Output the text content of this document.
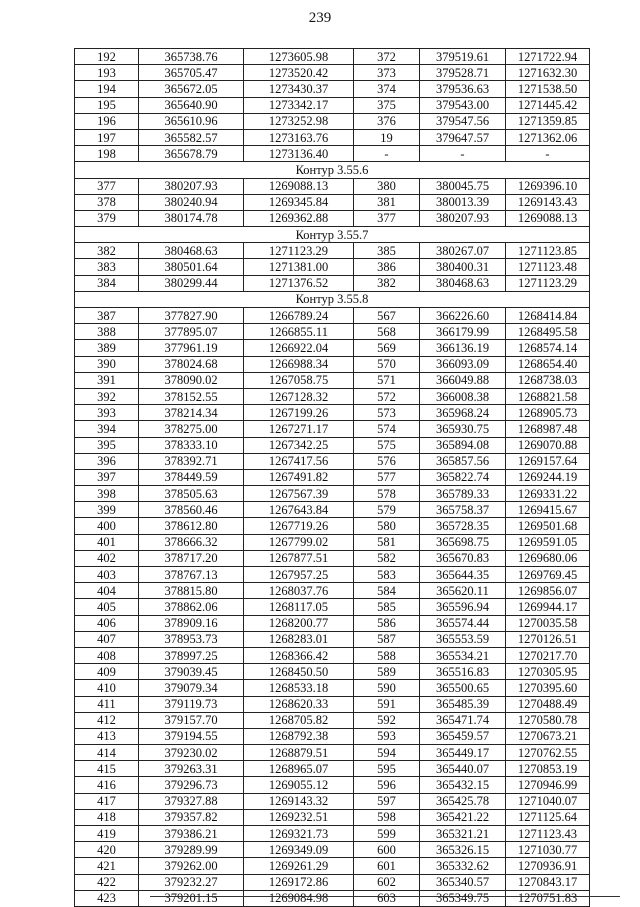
239
192	365738.76	1273605.98	372	379519.61	1271722.94
193	365705.47	1273520.42	373	379528.71	1271632.30
194	365672.05	1273430.37	374	379536.63	1271538.50
195	365640.90	1273342.17	375	379543.00	1271445.42
196	365610.96	1273252.98	376	379547.56	1271359.85
197	365582.57	1273163.76	19	379647.57	1271362.06
198	365678.79	1273136.40	-	-	-
Контур 3.55.6					
377	380207.93	1269088.13	380	380045.75	1269396.10
378	380240.94	1269345.84	381	380013.39	1269143.43
379	380174.78	1269362.88	377	380207.93	1269088.13
Контур 3.55.7					
382	380468.63	1271123.29	385	380267.07	1271123.85
383	380501.64	1271381.00	386	380400.31	1271123.48
384	380299.44	1271376.52	382	380468.63	1271123.29
Контур 3.55.8					
387	377827.90	1266789.24	567	366226.60	1268414.84
388	377895.07	1266855.11	568	366179.99	1268495.58
389	377961.19	1266922.04	569	366136.19	1268574.14
390	378024.68	1266988.34	570	366093.09	1268654.40
391	378090.02	1267058.75	571	366049.88	1268738.03
392	378152.55	1267128.32	572	366008.38	1268821.58
393	378214.34	1267199.26	573	365968.24	1268905.73
394	378275.00	1267271.17	574	365930.75	1268987.48
395	378333.10	1267342.25	575	365894.08	1269070.88
396	378392.71	1267417.56	576	365857.56	1269157.64
397	378449.59	1267491.82	577	365822.74	1269244.19
398	378505.63	1267567.39	578	365789.33	1269331.22
399	378560.46	1267643.84	579	365758.37	1269415.67
400	378612.80	1267719.26	580	365728.35	1269501.68
401	378666.32	1267799.02	581	365698.75	1269591.05
402	378717.20	1267877.51	582	365670.83	1269680.06
403	378767.13	1267957.25	583	365644.35	1269769.45
404	378815.80	1268037.76	584	365620.11	1269856.07
405	378862.06	1268117.05	585	365596.94	1269944.17
406	378909.16	1268200.77	586	365574.44	1270035.58
407	378953.73	1268283.01	587	365553.59	1270126.51
408	378997.25	1268366.42	588	365534.21	1270217.70
409	379039.45	1268450.50	589	365516.83	1270305.95
410	379079.34	1268533.18	590	365500.65	1270395.60
411	379119.73	1268620.33	591	365485.39	1270488.49
412	379157.70	1268705.82	592	365471.74	1270580.78
413	379194.55	1268792.38	593	365459.57	1270673.21
414	379230.02	1268879.51	594	365449.17	1270762.55
415	379263.31	1268965.07	595	365440.07	1270853.19
416	379296.73	1269055.12	596	365432.15	1270946.99
417	379327.88	1269143.32	597	365425.78	1271040.07
418	379357.82	1269232.51	598	365421.22	1271125.64
419	379386.21	1269321.73	599	365321.21	1271123.43
420	379289.99	1269349.09	600	365326.15	1271030.77
421	379262.00	1269261.29	601	365332.62	1270936.91
422	379232.27	1269172.86	602	365340.57	1270843.17
423	379201.15	1269084.98	603	365349.75	1270751.83
